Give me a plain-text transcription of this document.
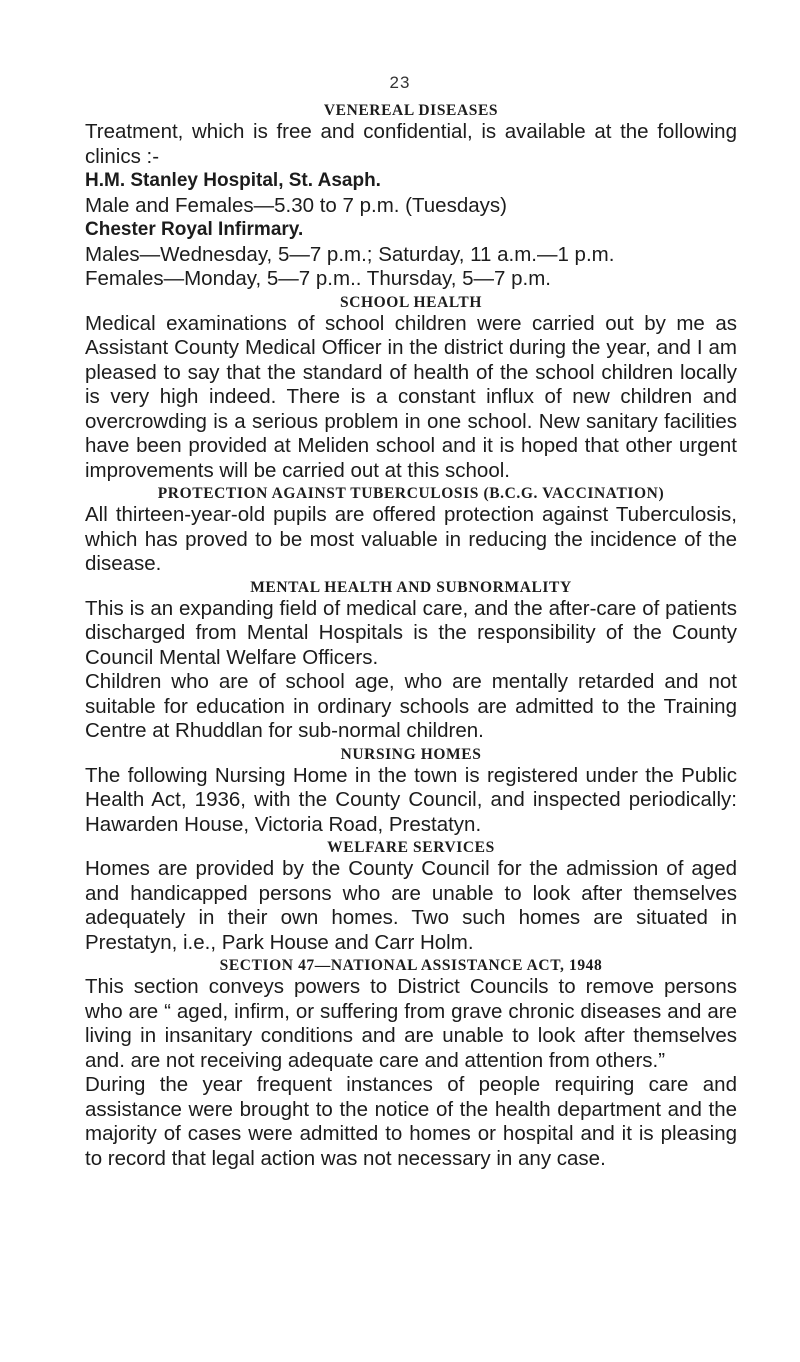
23
VENEREAL DISEASES

Treatment, which is free and confidential, is available at the following clinics :-

H.M. Stanley Hospital, St. Asaph.

Male and Females—5.30 to 7 p.m. (Tuesdays)

Chester Royal Infirmary.

Males—Wednesday, 5—7 p.m.; Saturday, 11 a.m.—1 p.m.

Females—Monday, 5—7 p.m.. Thursday, 5—7 p.m.

SCHOOL HEALTH

Medical examinations of school children were carried out by me as Assistant County Medical Officer in the district during the year, and I am pleased to say that the standard of health of the school children locally is very high indeed. There is a constant influx of new children and overcrowding is a serious problem in one school. New sanitary facilities have been provided at Meliden school and it is hoped that other urgent improvements will be carried out at this school.

PROTECTION AGAINST TUBERCULOSIS (B.C.G. VACCINATION)

All thirteen-year-old pupils are offered protection against Tuberculosis, which has proved to be most valuable in reducing the incidence of the disease.

MENTAL HEALTH AND SUBNORMALITY

This is an expanding field of medical care, and the after-care of patients discharged from Mental Hospitals is the responsibility of the County Council Mental Welfare Officers.

Children who are of school age, who are mentally retarded and not suitable for education in ordinary schools are admitted to the Training Centre at Rhuddlan for sub-normal children.

NURSING HOMES

The following Nursing Home in the town is registered under the Public Health Act, 1936, with the County Council, and inspected periodically: Hawarden House, Victoria Road, Prestatyn.

WELFARE SERVICES

Homes are provided by the County Council for the admission of aged and handicapped persons who are unable to look after themselves adequately in their own homes. Two such homes are situated in Prestatyn, i.e., Park House and Carr Holm.

SECTION 47—NATIONAL ASSISTANCE ACT, 1948

This section conveys powers to District Councils to remove persons who are “ aged, infirm, or suffering from grave chronic diseases and are living in insanitary conditions and are unable to look after themselves and. are not receiving adequate care and attention from others.”

During the year frequent instances of people requiring care and assistance were brought to the notice of the health department and the majority of cases were admitted to homes or hospital and it is pleasing to record that legal action was not necessary in any case.
